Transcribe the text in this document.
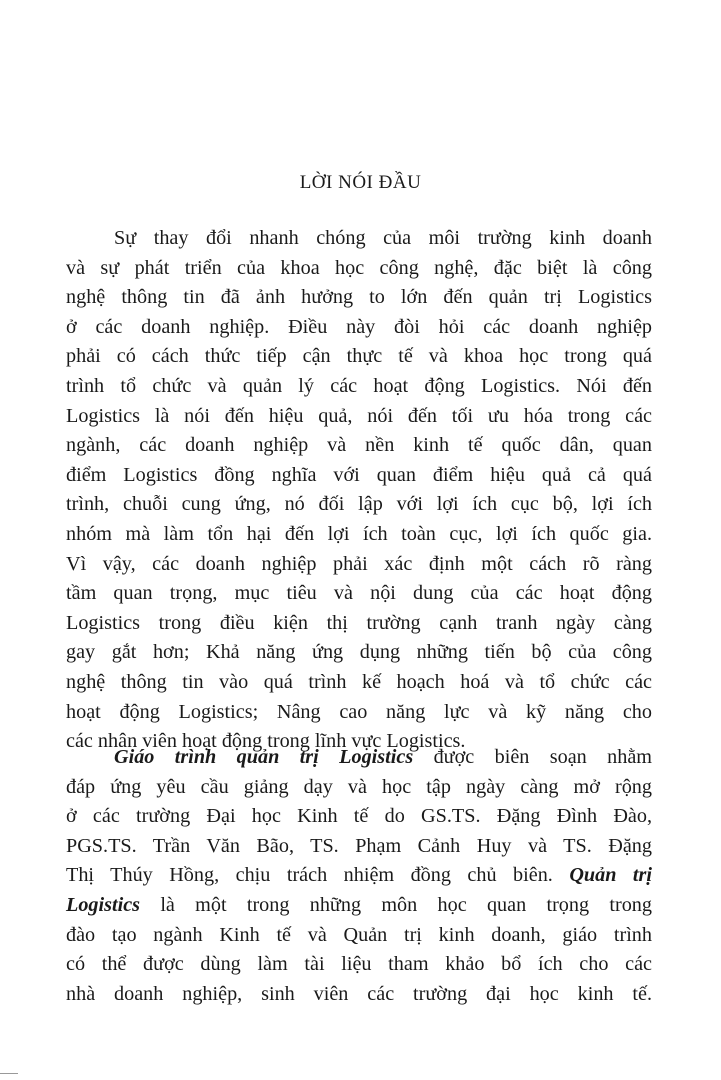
LỜI NÓI ĐẦU
Sự thay đổi nhanh chóng của môi trường kinh doanh
và sự phát triển của khoa học công nghệ, đặc biệt là công
nghệ thông tin đã ảnh hưởng to lớn đến quản trị Logistics
ở các doanh nghiệp. Điều này đòi hỏi các doanh nghiệp
phải có cách thức tiếp cận thực tế và khoa học trong quá
trình tổ chức và quản lý các hoạt động Logistics. Nói đến
Logistics là nói đến hiệu quả, nói đến tối ưu hóa trong các
ngành, các doanh nghiệp và nền kinh tế quốc dân, quan
điểm Logistics đồng nghĩa với quan điểm hiệu quả cả quá
trình, chuỗi cung ứng, nó đối lập với lợi ích cục bộ, lợi ích
nhóm mà làm tổn hại đến lợi ích toàn cục, lợi ích quốc gia.
Vì vậy, các doanh nghiệp phải xác định một cách rõ ràng
tầm quan trọng, mục tiêu và nội dung của các hoạt động
Logistics trong điều kiện thị trường cạnh tranh ngày càng
gay gắt hơn; Khả năng ứng dụng những tiến bộ của công
nghệ thông tin vào quá trình kế hoạch hoá và tổ chức các
hoạt động Logistics; Nâng cao năng lực và kỹ năng cho
các nhân viên hoạt động trong lĩnh vực Logistics.
Giáo trình quản trị Logistics được biên soạn nhằm
đáp ứng yêu cầu giảng dạy và học tập ngày càng mở rộng
ở các trường Đại học Kinh tế do GS.TS. Đặng Đình Đào,
PGS.TS. Trần Văn Bão, TS. Phạm Cảnh Huy và TS. Đặng
Thị Thúy Hồng, chịu trách nhiệm đồng chủ biên. Quản trị
Logistics là một trong những môn học quan trọng trong
đào tạo ngành Kinh tế và Quản trị kinh doanh, giáo trình
có thể được dùng làm tài liệu tham khảo bổ ích cho các
nhà doanh nghiệp, sinh viên các trường đại học kinh tế.
